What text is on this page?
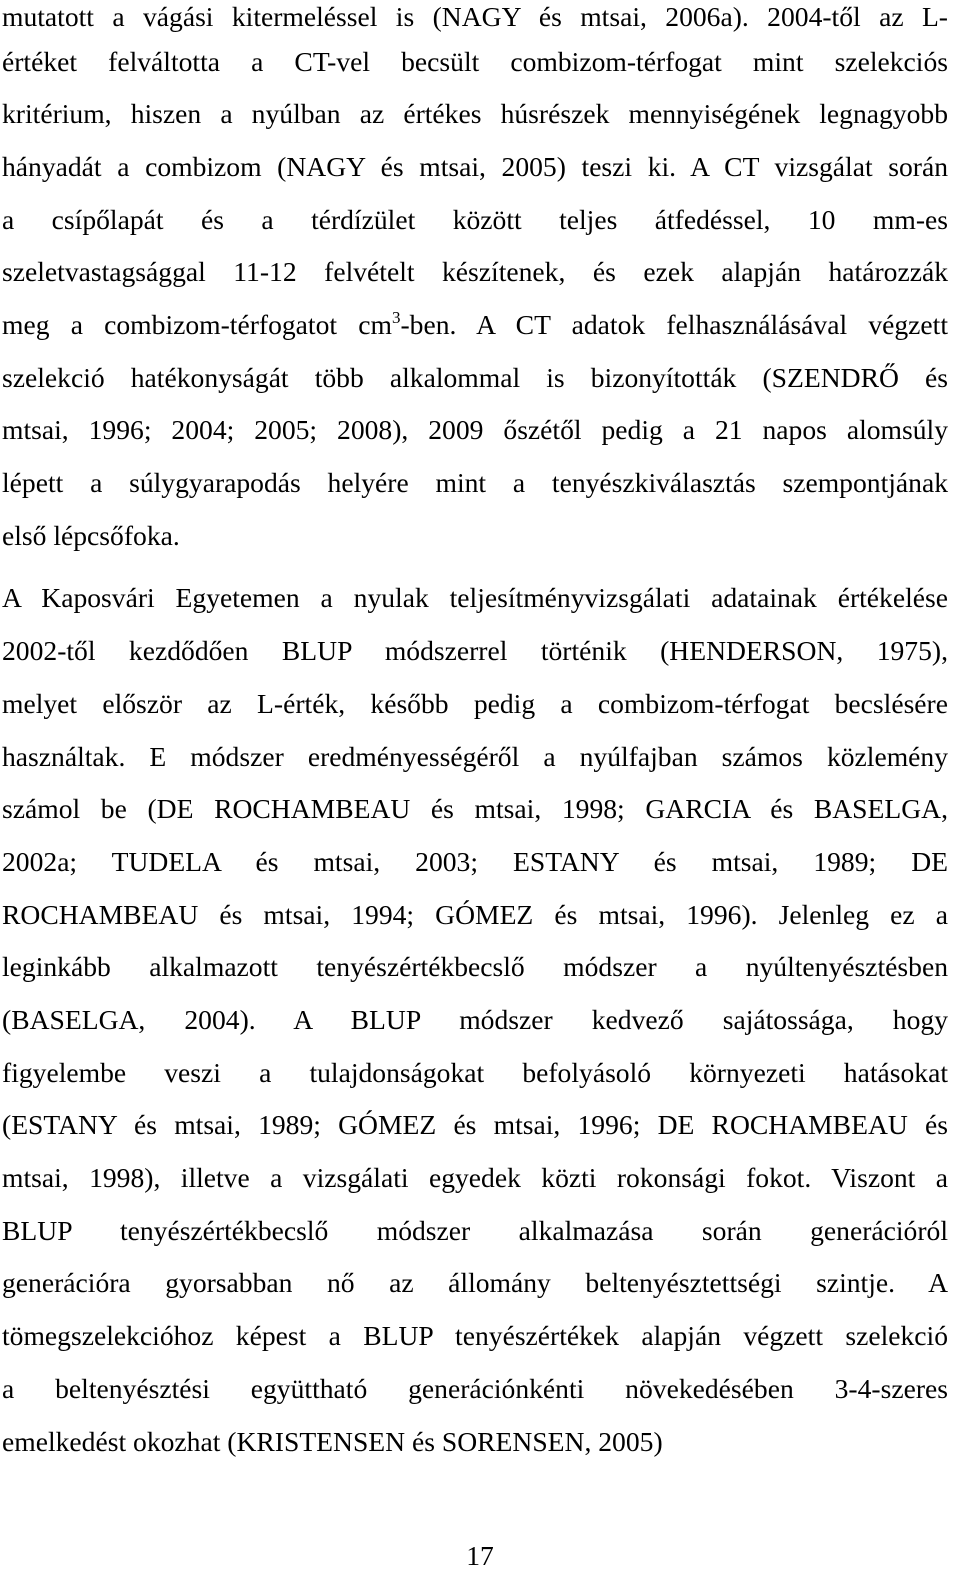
mutatott a vágási kitermeléssel is (NAGY és mtsai, 2006a). 2004-től az L-
értéket felváltotta a CT-vel becsült combizom-térfogat mint szelekciós
kritérium, hiszen a nyúlban az értékes húsrészek mennyiségének legnagyobb
hányadát a combizom (NAGY és mtsai, 2005) teszi ki. A CT vizsgálat során
a csípőlapát és a térdízület között teljes átfedéssel, 10 mm-es
szeletvastagsággal 11-12 felvételt készítenek, és ezek alapján határozzák
meg a combizom-térfogatot $cm^3$-ben. A CT adatok felhasználásával végzett
szelekció hatékonyságát több alkalommal is bizonyították (SZENDRŐ és
mtsai, 1996; 2004; 2005; 2008), 2009 őszétől pedig a 21 napos alomsúly
lépett a súlygyarapodás helyére mint a tenyészkiválasztás szempontjának
első lépcsőfoka.
A Kaposvári Egyetemen a nyulak teljesítményvizsgálati adatainak értékelése
2002-től kezdődően BLUP módszerrel történik (HENDERSON, 1975),
melyet először az L-érték, később pedig a combizom-térfogat becslésére
használtak. E módszer eredményességéről a nyúlfajban számos közlemény
számol be (DE ROCHAMBEAU és mtsai, 1998; GARCIA és BASELGA,
2002a; TUDELA és mtsai, 2003; ESTANY és mtsai, 1989; DE
ROCHAMBEAU és mtsai, 1994; GÓMEZ és mtsai, 1996). Jelenleg ez a
leginkább alkalmazott tenyészértékbecslő módszer a nyúltenyésztésben
(BASELGA, 2004). A BLUP módszer kedvező sajátossága, hogy
figyelembe veszi a tulajdonságokat befolyásoló környezeti hatásokat
(ESTANY és mtsai, 1989; GÓMEZ és mtsai, 1996; DE ROCHAMBEAU és
mtsai, 1998), illetve a vizsgálati egyedek közti rokonsági fokot. Viszont a
BLUP tenyészértékbecslő módszer alkalmazása során generációról
generációra gyorsabban nő az állomány beltenyésztettségi szintje. A
tömegszelekcióhoz képest a BLUP tenyészértékek alapján végzett szelekció
a beltenyésztési együttható generációnkénti növekedésében 3-4-szeres
emelkedést okozhat (KRISTENSEN és SORENSEN, 2005)
17
